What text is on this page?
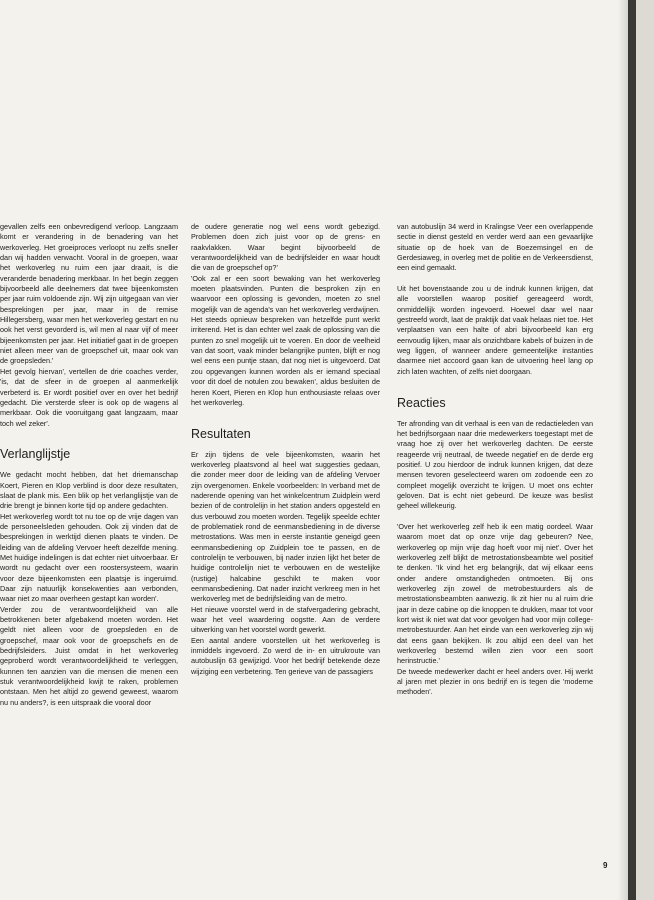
gevallen zelfs een onbevredigend verloop. Langzaam komt er verandering in de benadering van het werkoverleg. Het groeiproces verloopt nu zelfs sneller dan wij hadden verwacht. Vooral in de groepen, waar het werkoverleg nu ruim een jaar draait, is die veranderde benadering merkbaar. In het begin zeggen bijvoorbeeld alle deelnemers dat twee bijeenkomsten per jaar ruim voldoende zijn. Wij zijn uitgegaan van vier besprekingen per jaar, maar in de remise Hillegersberg, waar men het werkoverleg gestart en nu ook het verst gevorderd is, wil men al naar vijf of meer bijeenkomsten per jaar. Het initiatief gaat in de groepen niet alleen meer van de groepschef uit, maar ook van de groepsleden.'

Het gevolg hiervan', vertellen de drie coaches verder, 'is, dat de sfeer in de groepen al aanmerkelijk verbeterd is. Er wordt positief over en over het bedrijf gedacht. Die versterde sfeer is ook op de wagens al merkbaar. Ook die vooruitgang gaat langzaam, maar toch wel zeker'.

Verlanglijstje

We gedacht mocht hebben, dat het driemanschap Koert, Pieren en Klop verblind is door deze resultaten, slaat de plank mis. Een blik op het verlanglijstje van de drie brengt je binnen korte tijd op andere gedachten.

Het werkoverleg wordt tot nu toe op de vrije dagen van de personeelsleden gehouden. Ook zij vinden dat de besprekingen in werktijd dienen plaats te vinden. De leiding van de afdeling Vervoer heeft dezelfde mening. Met huidige indelingen is dat echter niet uitvoerbaar. Er wordt nu gedacht over een roostersysteem, waarin voor deze bijeenkomsten een plaatsje is ingeruimd. Daar zijn natuurlijk konsekwenties aan verbonden, waar niet zo maar overheen gestapt kan worden'.

Verder zou de verantwoordelijkheid van alle betrokkenen beter afgebakend moeten worden. Het geldt niet alleen voor de groepsleden en de groepschef, maar ook voor de groepschefs en de bedrijfsleiders. Juist omdat in het werkoverleg geproberd wordt verantwoordelijkheid te verleggen, kunnen ten aanzien van die mensen die menen een stuk verantwoordelijkheid kwijt te raken, problemen ontstaan. Men het altijd zo gewend geweest, waarom nu nu anders?, is een uitspraak die vooral door

de oudere generatie nog wel eens wordt gebezigd. Problemen doen zich juist voor op de grens- en raakvlakken. Waar begint bijvoorbeeld de verantwoordelijkheid van de bedrijfsleider en waar houdt die van de groepschef op?'

'Ook zal er een soort bewaking van het werkoverleg moeten plaatsvinden. Punten die besproken zijn en waarvoor een oplossing is gevonden, moeten zo snel mogelijk van de agenda's van het werkoverleg verdwijnen. Het steeds opnieuw bespreken van hetzelfde punt werkt irriterend. Het is dan echter wel zaak de oplossing van die punten zo snel mogelijk uit te voeren. En door de veelheid van dat soort, vaak minder belangrijke punten, blijft er nog wel eens een puntje staan, dat nog niet is uitgevoerd. Dat zou opgevangen kunnen worden als er iemand speciaal voor dit doel de notulen zou bewaken', aldus besluiten de heren Koert, Pieren en Klop hun enthousiaste relaas over het werkoverleg.

Resultaten

Er zijn tijdens de vele bijeenkomsten, waarin het werkoverleg plaatsvond al heel wat suggesties gedaan, die zonder meer door de leiding van de afdeling Vervoer zijn overgenomen. Enkele voorbeelden: In verband met de naderende opening van het winkelcentrum Zuidplein werd bezien of de controlelijn in het station anders opgesteld en dus verbouwd zou moeten worden. Tegelijk speelde echter de problematiek rond de eenmansbediening in de diverse metrostations. Was men in eerste instantie geneigd geen eenmansbediening op Zuidplein toe te passen, en de controlelijn te verbouwen, bij nader inzien lijkt het beter de huidige controlelijn niet te verbouwen en de westelijke (rustige) halcabine geschikt te maken voor eenmansbediening. Dat nader inzicht verkreeg men in het werkoverleg met de bedrijfsleiding van de metro.

Het nieuwe voorstel werd in de stafvergadering gebracht, waar het veel waardering oogstte. Aan de verdere uitwerking van het voorstel wordt gewerkt.

Een aantal andere voorstellen uit het werkoverleg is inmiddels ingevoerd. Zo werd de in- en uitrukroute van autobuslijn 63 gewijzigd. Voor het bedrijf betekende deze wijziging een verbetering. Ten gerieve van de passagiers

van autobuslijn 34 werd in Kralingse Veer een overlappende sectie in dienst gesteld en verder werd aan een gevaarlijke situatie op de hoek van de Boezemsingel en de Gerdesiaweg, in overleg met de politie en de Verkeersdienst, een eind gemaakt.

Uit het bovenstaande zou u de indruk kunnen krijgen, dat alle voorstellen waarop positief gereageerd wordt, onmiddellijk worden ingevoerd. Hoewel daar wel naar gestreefd wordt, laat de praktijk dat vaak helaas niet toe. Het verplaatsen van een halte of abri bijvoorbeeld kan erg eenvoudig lijken, maar als onzichtbare kabels of buizen in de weg liggen, of wanneer andere gemeentelijke instanties daarmee niet accoord gaan kan de uitvoering heel lang op zich laten wachten, of zelfs niet doorgaan.

Reacties

Ter afronding van dit verhaal is een van de redactieleden van het bedrijfsorgaan naar drie medewerkers toegestapt met de vraag hoe zij over het werkoverleg dachten. De eerste reageerde vrij neutraal, de tweede negatief en de derde erg positief. U zou hierdoor de indruk kunnen krijgen, dat deze mensen tevoren geselecteerd waren om zodoende een zo compleet mogelijk overzicht te krijgen. U moet ons echter geloven. Dat is echt niet gebeurd. De keuze was beslist geheel willekeurig.

'Over het werkoverleg zelf heb ik een matig oordeel. Waar waarom moet dat op onze vrije dag gebeuren? Nee, werkoverleg op mijn vrije dag hoeft voor mij niet'. Over het werkoverleg zelf blijkt de metrostationsbeambte wel positief te denken. 'Ik vind het erg belangrijk, dat wij elkaar eens onder andere omstandigheden ontmoeten. Bij ons werkoverleg zijn zowel de metrobestuurders als de metrostationsbeambten aanwezig. Ik zit hier nu al ruim drie jaar in deze cabine op die knoppen te drukken, maar tot voor kort wist ik niet wat dat voor gevolgen had voor mijn college-metrobestuurder. Aan het einde van een werkoverleg zijn wij dat eens gaan bekijken. Ik zou altijd een deel van het werkoverleg bestemd willen zien voor een soort herinstructie.'

De tweede medewerker dacht er heel anders over. Hij werkt al jaren met plezier in ons bedrijf en is tegen die 'moderne methoden'.

9
